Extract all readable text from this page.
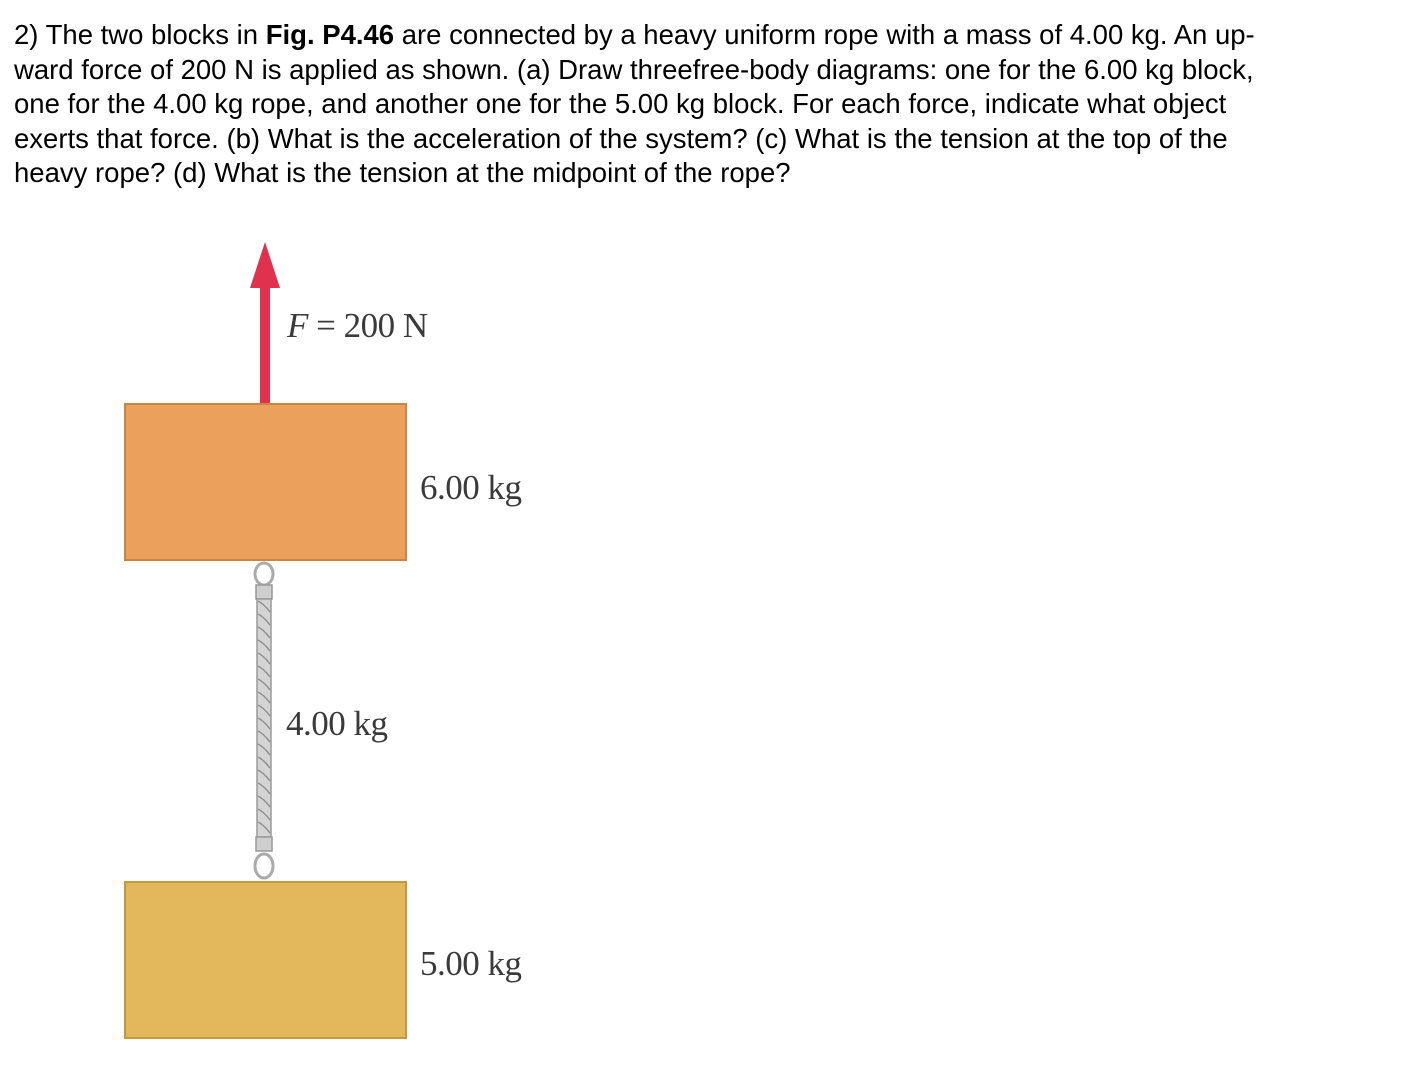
2) The two blocks in Fig. P4.46 are connected by a heavy uniform rope with a mass of 4.00 kg. An up-
ward force of 200 N is applied as shown. (a) Draw threefree-body diagrams: one for the 6.00 kg block,
one for the 4.00 kg rope, and another one for the 5.00 kg block. For each force, indicate what object
exerts that force. (b) What is the acceleration of the system? (c) What is the tension at the top of the
heavy rope? (d) What is the tension at the midpoint of the rope?
F = 200 N
6.00 kg
4.00 kg
5.00 kg
